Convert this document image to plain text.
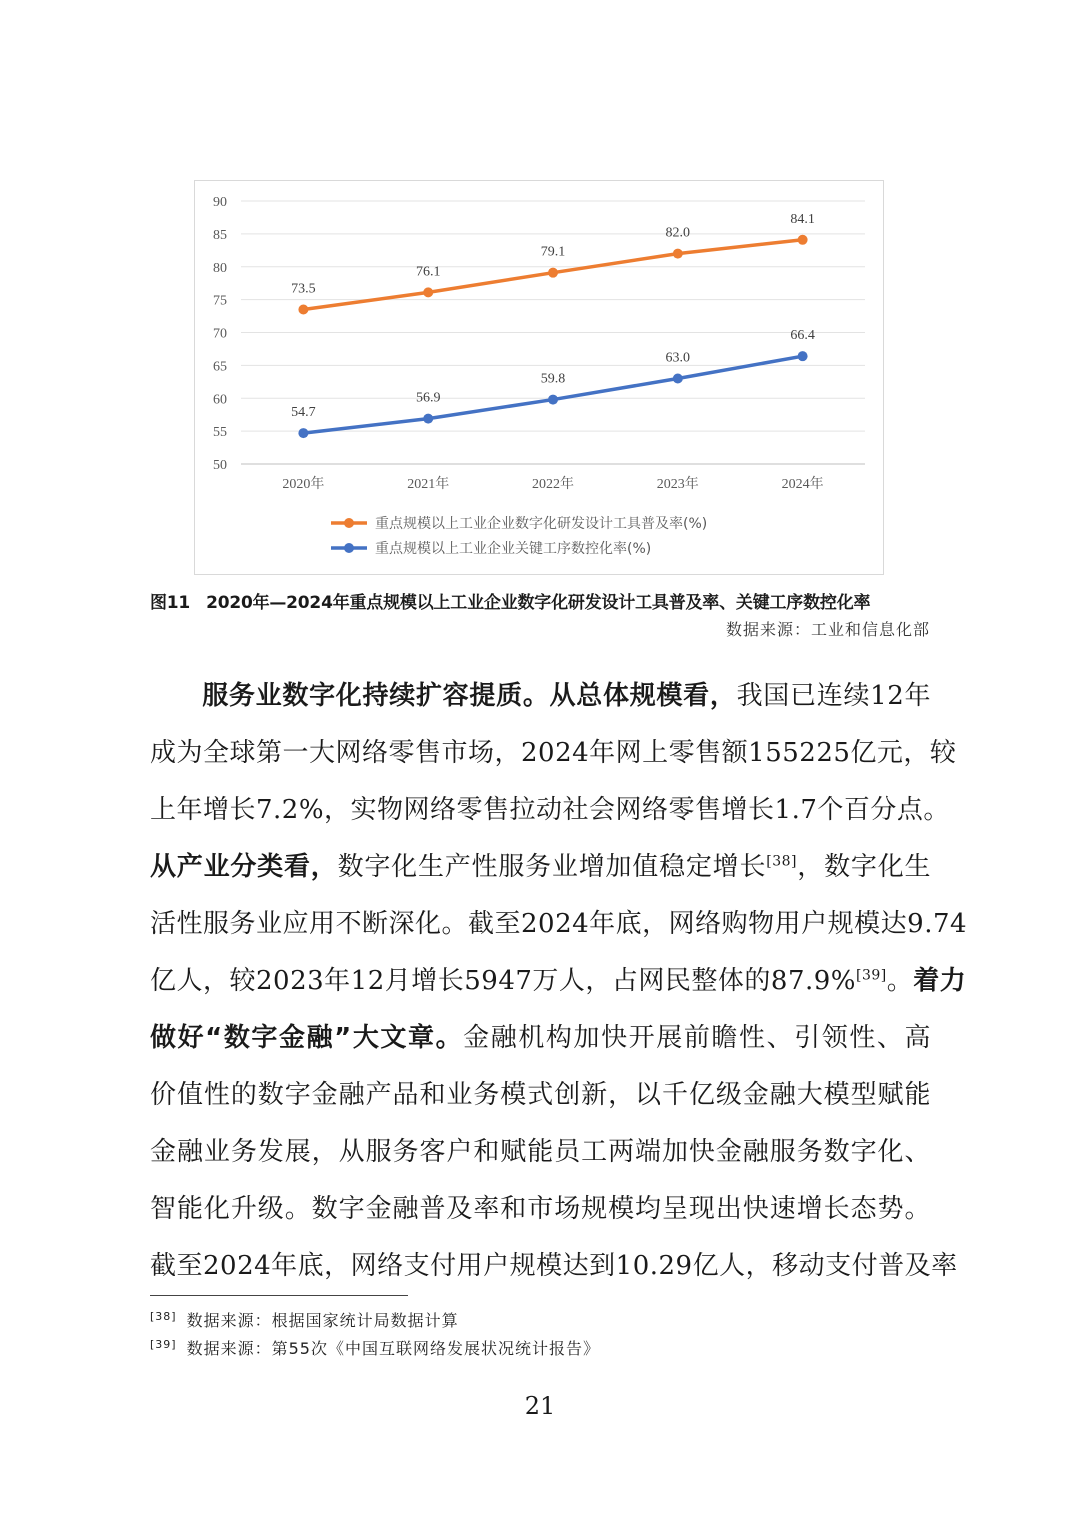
90
85
80
75
70
65
60
55
50
2020年	2021年	2022年	2023年	2024年
73.5
76.1
79.1
82.0
84.1
重点规模以上工业企业数字化研发设计工具普及率(%)
54.7
56.9
59.8
63.0
66.4
重点规模以上工业企业关键工序数控化率(%)
图11 2020年—2024年重点规模以上工业企业数字化研发设计工具普及率、关键工序数控化率
数据来源：工业和信息化部
服务业数字化持续扩容提质。从总体规模看，我国已连续12年
成为全球第一大网络零售市场，2024年网上零售额155225亿元，较
上年增长7.2%，实物网络零售拉动社会网络零售增长1.7个百分点。
从产业分类看，数字化生产性服务业增加值稳定增长[38]，数字化生
活性服务业应用不断深化。截至2024年底，网络购物用户规模达9.74
亿人，较2023年12月增长5947万人，占网民整体的87.9%[39]。着力
做好“数字金融”大文章。金融机构加快开展前瞻性、引领性、高
价值性的数字金融产品和业务模式创新，以千亿级金融大模型赋能
金融业务发展，从服务客户和赋能员工两端加快金融服务数字化、
智能化升级。数字金融普及率和市场规模均呈现出快速增长态势。
截至2024年底，网络支付用户规模达到10.29亿人，移动支付普及率
[38] 数据来源：根据国家统计局数据计算
[39] 数据来源：第55次《中国互联网络发展状况统计报告》
21
